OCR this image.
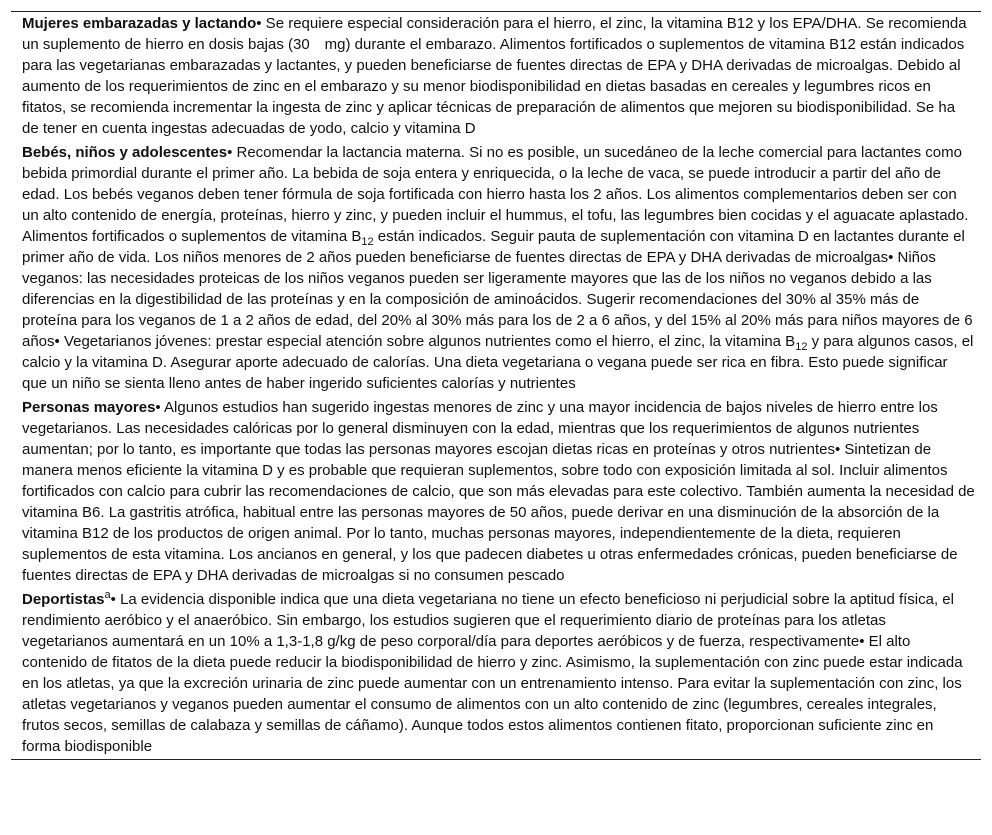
Mujeres embarazadas y lactando• Se requiere especial consideración para el hierro, el zinc, la vitamina B12 y los EPA/DHA. Se recomienda un suplemento de hierro en dosis bajas (30 mg) durante el embarazo. Alimentos fortificados o suplementos de vitamina B12 están indicados para las vegetarianas embarazadas y lactantes, y pueden beneficiarse de fuentes directas de EPA y DHA derivadas de microalgas. Debido al aumento de los requerimientos de zinc en el embarazo y su menor biodisponibilidad en dietas basadas en cereales y legumbres ricos en fitatos, se recomienda incrementar la ingesta de zinc y aplicar técnicas de preparación de alimentos que mejoren su biodisponibilidad. Se ha de tener en cuenta ingestas adecuadas de yodo, calcio y vitamina D
Bebés, niños y adolescentes• Recomendar la lactancia materna. Si no es posible, un sucedáneo de la leche comercial para lactantes como bebida primordial durante el primer año. La bebida de soja entera y enriquecida, o la leche de vaca, se puede introducir a partir del año de edad. Los bebés veganos deben tener fórmula de soja fortificada con hierro hasta los 2 años. Los alimentos complementarios deben ser con un alto contenido de energía, proteínas, hierro y zinc, y pueden incluir el hummus, el tofu, las legumbres bien cocidas y el aguacate aplastado. Alimentos fortificados o suplementos de vitamina $B_{12}$ están indicados. Seguir pauta de suplementación con vitamina D en lactantes durante el primer año de vida. Los niños menores de 2 años pueden beneficiarse de fuentes directas de EPA y DHA derivadas de microalgas• Niños veganos: las necesidades proteicas de los niños veganos pueden ser ligeramente mayores que las de los niños no veganos debido a las diferencias en la digestibilidad de las proteínas y en la composición de aminoácidos. Sugerir recomendaciones del 30% al 35% más de proteína para los veganos de 1 a 2 años de edad, del 20% al 30% más para los de 2 a 6 años, y del 15% al 20% más para niños mayores de 6 años• Vegetarianos jóvenes: prestar especial atención sobre algunos nutrientes como el hierro, el zinc, la vitamina $B_{12}$ y para algunos casos, el calcio y la vitamina D. Asegurar aporte adecuado de calorías. Una dieta vegetariana o vegana puede ser rica en fibra. Esto puede significar que un niño se sienta lleno antes de haber ingerido suficientes calorías y nutrientes
Personas mayores• Algunos estudios han sugerido ingestas menores de zinc y una mayor incidencia de bajos niveles de hierro entre los vegetarianos. Las necesidades calóricas por lo general disminuyen con la edad, mientras que los requerimientos de algunos nutrientes aumentan; por lo tanto, es importante que todas las personas mayores escojan dietas ricas en proteínas y otros nutrientes• Sintetizan de manera menos eficiente la vitamina D y es probable que requieran suplementos, sobre todo con exposición limitada al sol. Incluir alimentos fortificados con calcio para cubrir las recomendaciones de calcio, que son más elevadas para este colectivo. También aumenta la necesidad de vitamina B6. La gastritis atrófica, habitual entre las personas mayores de 50 años, puede derivar en una disminución de la absorción de la vitamina B12 de los productos de origen animal. Por lo tanto, muchas personas mayores, independientemente de la dieta, requieren suplementos de esta vitamina. Los ancianos en general, y los que padecen diabetes u otras enfermedades crónicas, pueden beneficiarse de fuentes directas de EPA y DHA derivadas de microalgas si no consumen pescado
Deportistas$^a$• La evidencia disponible indica que una dieta vegetariana no tiene un efecto beneficioso ni perjudicial sobre la aptitud física, el rendimiento aeróbico y el anaeróbico. Sin embargo, los estudios sugieren que el requerimiento diario de proteínas para los atletas vegetarianos aumentará en un 10% a 1,3-1,8 g/kg de peso corporal/día para deportes aeróbicos y de fuerza, respectivamente• El alto contenido de fitatos de la dieta puede reducir la biodisponibilidad de hierro y zinc. Asimismo, la suplementación con zinc puede estar indicada en los atletas, ya que la excreción urinaria de zinc puede aumentar con un entrenamiento intenso. Para evitar la suplementación con zinc, los atletas vegetarianos y veganos pueden aumentar el consumo de alimentos con un alto contenido de zinc (legumbres, cereales integrales, frutos secos, semillas de calabaza y semillas de cáñamo). Aunque todos estos alimentos contienen fitato, proporcionan suficiente zinc en forma biodisponible
